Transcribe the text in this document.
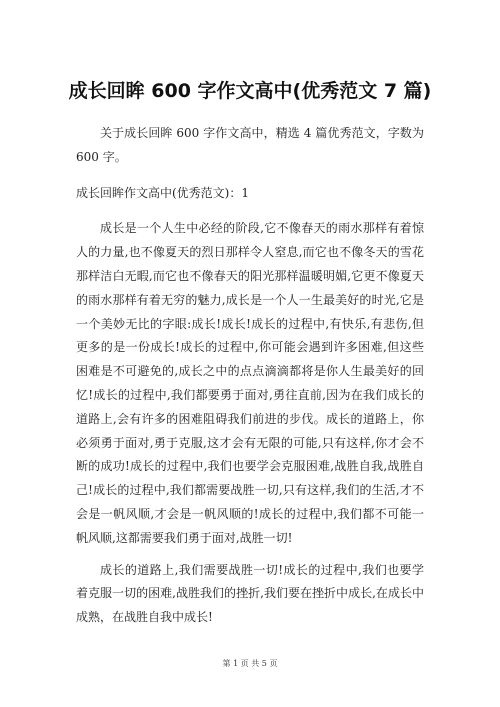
成长回眸 600 字作文高中(优秀范文 7 篇)

关于成长回眸 600 字作文高中，精选 4 篇优秀范文，字数为 600 字。

成长回眸作文高中(优秀范文)：1

成长是一个人生中必经的阶段,它不像春天的雨水那样有着惊人的力量,也不像夏天的烈日那样令人窒息,而它也不像冬天的雪花那样洁白无暇,而它也不像春天的阳光那样温暖明媚,它更不像夏天的雨水那样有着无穷的魅力,成长是一个人一生最美好的时光,它是一个美妙无比的字眼:成长!成长!成长的过程中,有快乐,有悲伤,但更多的是一份成长!成长的过程中,你可能会遇到许多困难,但这些困难是不可避免的,成长之中的点点滴滴都将是你人生最美好的回忆!成长的过程中,我们都要勇于面对,勇往直前,因为在我们成长的道路上,会有许多的困难阻碍我们前进的步伐。成长的道路上，你必须勇于面对,勇于克服,这才会有无限的可能,只有这样,你才会不断的成功!成长的过程中,我们也要学会克服困难,战胜自我,战胜自己!成长的过程中,我们都需要战胜一切,只有这样,我们的生活,才不会是一帆风顺,才会是一帆风顺的!成长的过程中,我们都不可能一帆风顺,这都需要我们勇于面对,战胜一切!

成长的道路上,我们需要战胜一切!成长的过程中,我们也要学着克服一切的困难,战胜我们的挫折,我们要在挫折中成长,在成长中成熟，在战胜自我中成长!

第 1 页 共 5 页
